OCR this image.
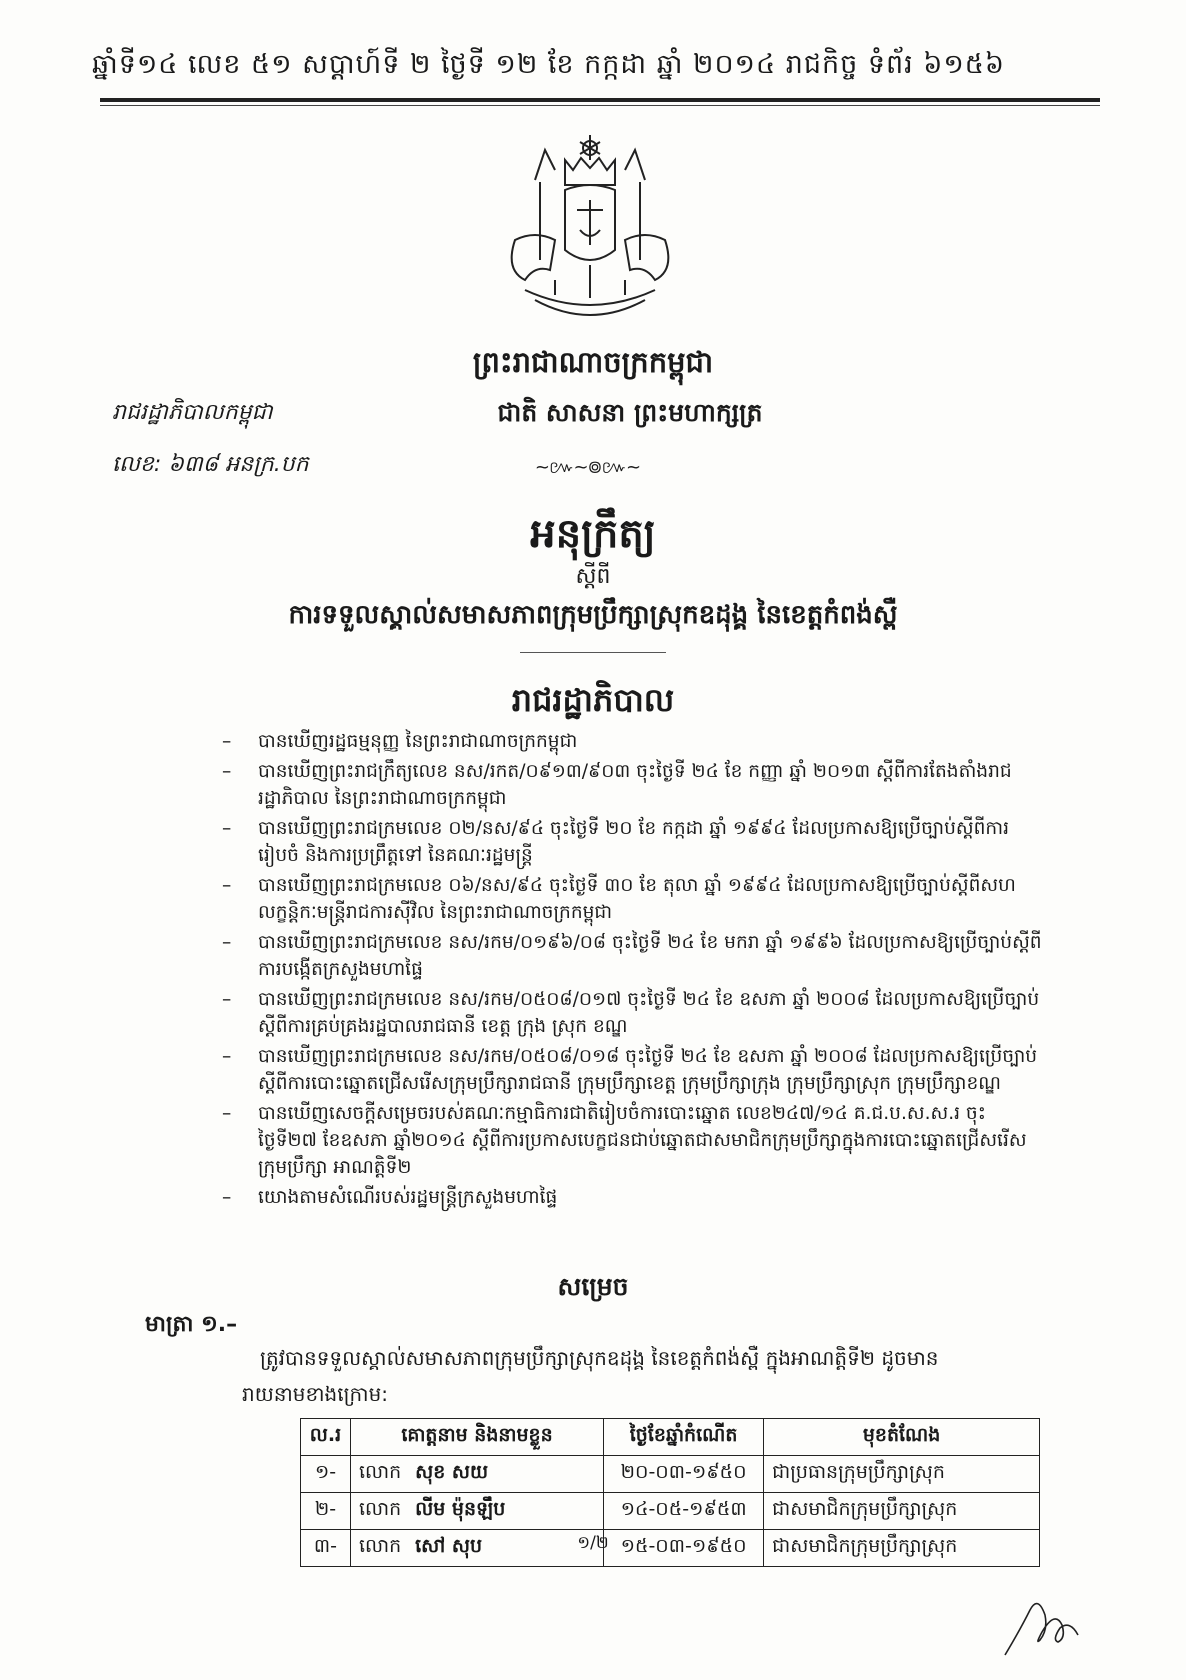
ឆ្នាំទី១៤ លេខ ៥១ សប្តាហ៍ទី ២ ថ្ងៃទី ១២ ខែ កក្កដា ឆ្នាំ ២០១៤ រាជកិច្ច ទំព័រ ៦១៥៦
ព្រះរាជាណាចក្រកម្ពុជា
រាជរដ្ឋាភិបាលកម្ពុជា	ជាតិ សាសនា ព្រះមហាក្សត្រ
លេខ: ៦៣៨ អនក្រ.បក	~៚~៙៚~
អនុក្រឹត្យ
ស្តីពី
ការទទួលស្គាល់សមាសភាពក្រុមប្រឹក្សាស្រុកឧដុង្គ នៃខេត្តកំពង់ស្ពឺ
រាជរដ្ឋាភិបាល
– បានឃើញរដ្ឋធម្មនុញ្ញ នៃព្រះរាជាណាចក្រកម្ពុជា
– បានឃើញព្រះរាជក្រឹត្យលេខ នស/រកត/០៩១៣/៩០៣ ចុះថ្ងៃទី ២៤ ខែ កញ្ញា ឆ្នាំ ២០១៣ ស្តីពីការតែងតាំងរាជរដ្ឋាភិបាល នៃព្រះរាជាណាចក្រកម្ពុជា
– បានឃើញព្រះរាជក្រមលេខ ០២/នស/៩៤ ចុះថ្ងៃទី ២០ ខែ កក្កដា ឆ្នាំ ១៩៩៤ ដែលប្រកាសឱ្យប្រើច្បាប់ស្តីពីការរៀបចំ និងការប្រព្រឹត្តទៅ នៃគណៈរដ្ឋមន្ត្រី
– បានឃើញព្រះរាជក្រមលេខ ០៦/នស/៩៤ ចុះថ្ងៃទី ៣០ ខែ តុលា ឆ្នាំ ១៩៩៤ ដែលប្រកាសឱ្យប្រើច្បាប់ស្តីពីសហលក្ខន្តិកៈមន្ត្រីរាជការស៊ីវិល នៃព្រះរាជាណាចក្រកម្ពុជា
– បានឃើញព្រះរាជក្រមលេខ នស/រកម/០១៩៦/០៨ ចុះថ្ងៃទី ២៤ ខែ មករា ឆ្នាំ ១៩៩៦ ដែលប្រកាសឱ្យប្រើច្បាប់ស្តីពីការបង្កើតក្រសួងមហាផ្ទៃ
– បានឃើញព្រះរាជក្រមលេខ នស/រកម/០៥០៨/០១៧ ចុះថ្ងៃទី ២៤ ខែ ឧសភា ឆ្នាំ ២០០៨ ដែលប្រកាសឱ្យប្រើច្បាប់ស្តីពីការគ្រប់គ្រងរដ្ឋបាលរាជធានី ខេត្ត ក្រុង ស្រុក ខណ្ឌ
– បានឃើញព្រះរាជក្រមលេខ នស/រកម/០៥០៨/០១៨ ចុះថ្ងៃទី ២៤ ខែ ឧសភា ឆ្នាំ ២០០៨ ដែលប្រកាសឱ្យប្រើច្បាប់ស្តីពីការបោះឆ្នោតជ្រើសរើសក្រុមប្រឹក្សារាជធានី ក្រុមប្រឹក្សាខេត្ត ក្រុមប្រឹក្សាក្រុង ក្រុមប្រឹក្សាស្រុក ក្រុមប្រឹក្សាខណ្ឌ
– បានឃើញសេចក្តីសម្រេចរបស់គណៈកម្មាធិការជាតិរៀបចំការបោះឆ្នោត លេខ២៤៧/១៤ គ.ជ.ប.ស.ស.រ ចុះថ្ងៃទី២៧ ខែឧសភា ឆ្នាំ២០១៤ ស្តីពីការប្រកាសបេក្ខជនជាប់ឆ្នោតជាសមាជិកក្រុមប្រឹក្សាក្នុងការបោះឆ្នោតជ្រើសរើសក្រុមប្រឹក្សា អាណត្តិទី២
– យោងតាមសំណើរបស់រដ្ឋមន្ត្រីក្រសួងមហាផ្ទៃ
សម្រេច
មាត្រា ១.–
ត្រូវបានទទួលស្គាល់សមាសភាពក្រុមប្រឹក្សាស្រុកឧដុង្គ នៃខេត្តកំពង់ស្ពឺ ក្នុងអាណត្តិទី២ ដូចមាន
រាយនាមខាងក្រោម:
ល.រ	គោត្តនាម និងនាមខ្លួន	ថ្ងៃខែឆ្នាំកំណើត	មុខតំណែង
១-	លោក សុខ សយ	២០-០៣-១៩៥០	ជាប្រធានក្រុមប្រឹក្សាស្រុក
២-	លោក លីម ម៉ុនឡឹប	១៤-០៥-១៩៥៣	ជាសមាជិកក្រុមប្រឹក្សាស្រុក
៣-	លោក សៅ សុប	១៥-០៣-១៩៥០	ជាសមាជិកក្រុមប្រឹក្សាស្រុក
១/២
